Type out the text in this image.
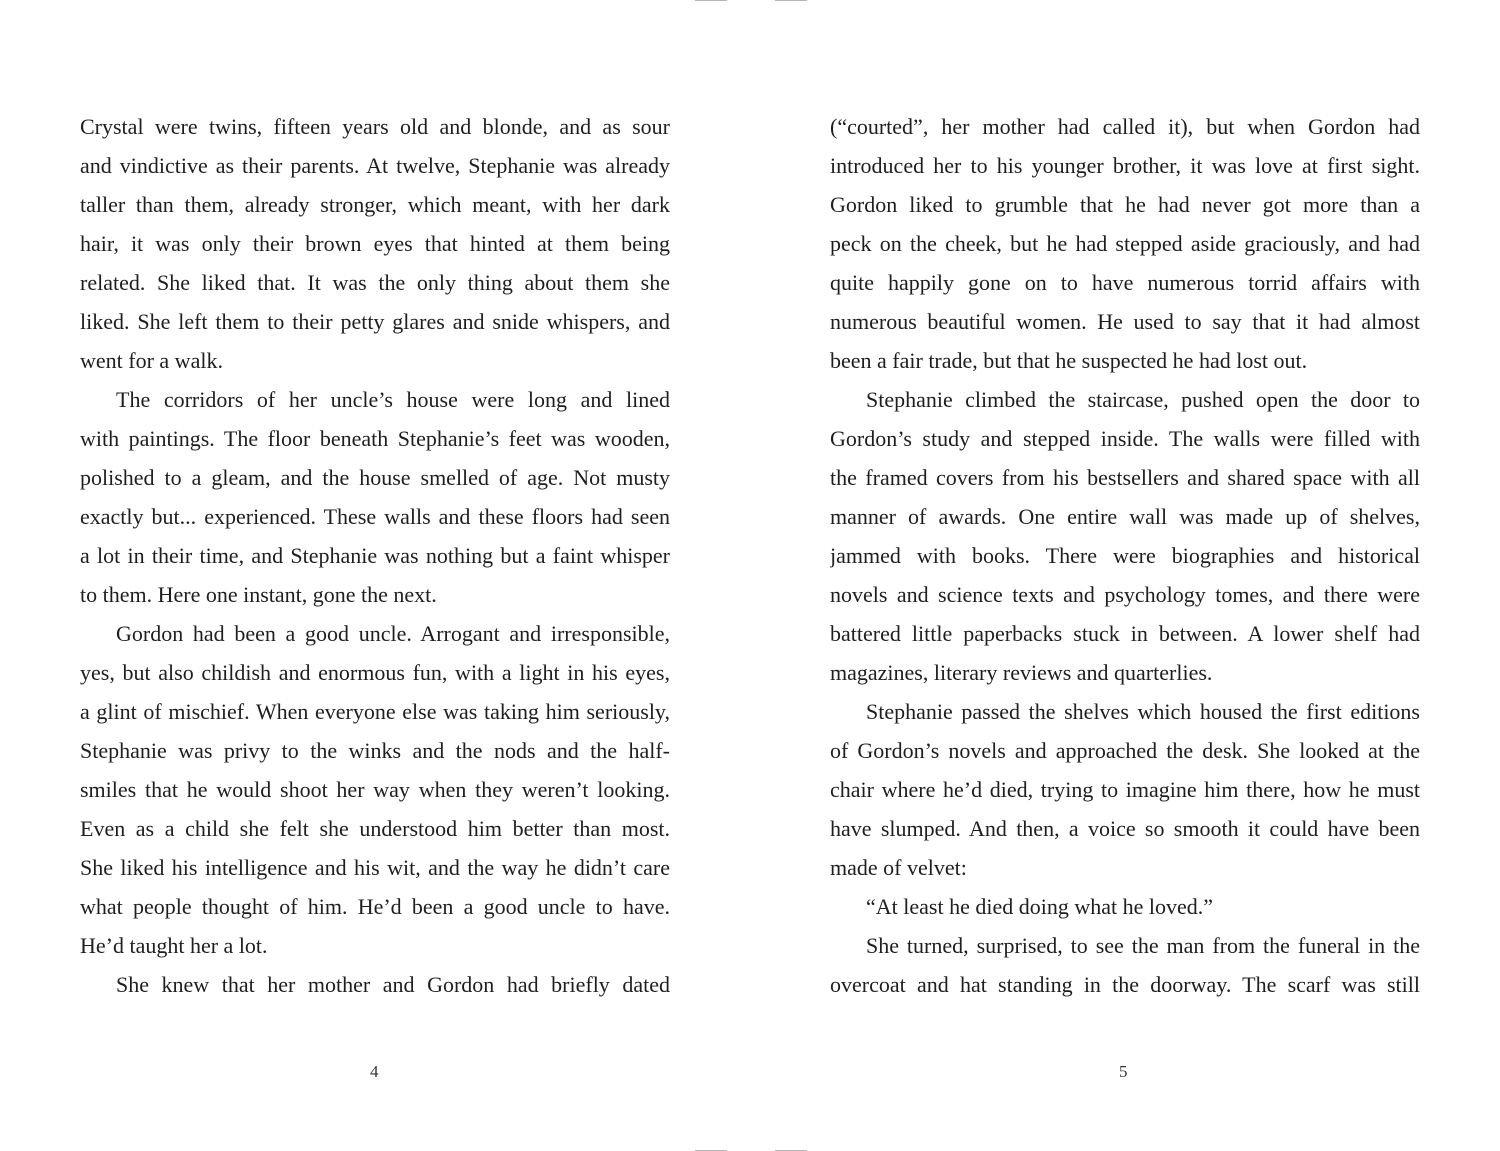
Crystal were twins, fifteen years old and blonde, and as sour
and vindictive as their parents. At twelve, Stephanie was already
taller than them, already stronger, which meant, with her dark
hair, it was only their brown eyes that hinted at them being
related. She liked that. It was the only thing about them she
liked. She left them to their petty glares and snide whispers, and
went for a walk.
The corridors of her uncle’s house were long and lined
with paintings. The floor beneath Stephanie’s feet was wooden,
polished to a gleam, and the house smelled of age. Not musty
exactly but... experienced. These walls and these floors had seen
a lot in their time, and Stephanie was nothing but a faint whisper
to them. Here one instant, gone the next.
Gordon had been a good uncle. Arrogant and irresponsible,
yes, but also childish and enormous fun, with a light in his eyes,
a glint of mischief. When everyone else was taking him seriously,
Stephanie was privy to the winks and the nods and the half-
smiles that he would shoot her way when they weren’t looking.
Even as a child she felt she understood him better than most.
She liked his intelligence and his wit, and the way he didn’t care
what people thought of him. He’d been a good uncle to have.
He’d taught her a lot.
She knew that her mother and Gordon had briefly dated
(“courted”, her mother had called it), but when Gordon had
introduced her to his younger brother, it was love at first sight.
Gordon liked to grumble that he had never got more than a
peck on the cheek, but he had stepped aside graciously, and had
quite happily gone on to have numerous torrid affairs with
numerous beautiful women. He used to say that it had almost
been a fair trade, but that he suspected he had lost out.
Stephanie climbed the staircase, pushed open the door to
Gordon’s study and stepped inside. The walls were filled with
the framed covers from his bestsellers and shared space with all
manner of awards. One entire wall was made up of shelves,
jammed with books. There were biographies and historical
novels and science texts and psychology tomes, and there were
battered little paperbacks stuck in between. A lower shelf had
magazines, literary reviews and quarterlies.
Stephanie passed the shelves which housed the first editions
of Gordon’s novels and approached the desk. She looked at the
chair where he’d died, trying to imagine him there, how he must
have slumped. And then, a voice so smooth it could have been
made of velvet:
“At least he died doing what he loved.”
She turned, surprised, to see the man from the funeral in the
overcoat and hat standing in the doorway. The scarf was still
4	5
